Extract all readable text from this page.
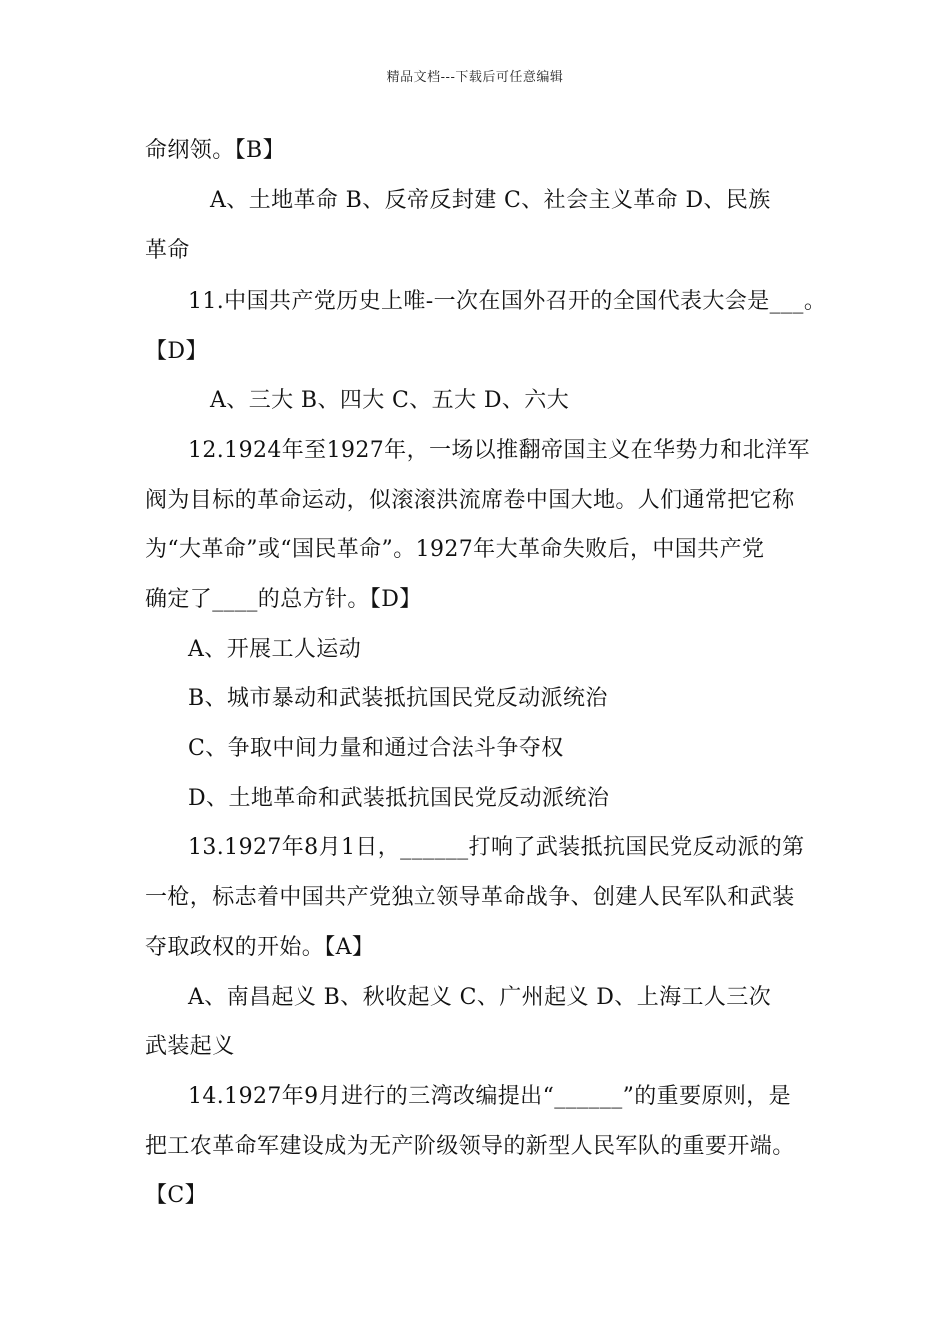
精品文档---下载后可任意编辑
命纲领。【B】
A、土地革命 B、反帝反封建 C、社会主义革命 D、民族
革命
11.中国共产党历史上唯-一次在国外召开的全国代表大会是___。
【D】
A、三大 B、四大 C、五大 D、六大
12.1924年至1927年，一场以推翻帝国主义在华势力和北洋军
阀为目标的革命运动，似滚滚洪流席卷中国大地。人们通常把它称
为“大革命”或“国民革命”。1927年大革命失败后，中国共产党
确定了____的总方针。【D】
A、开展工人运动
B、城市暴动和武装抵抗国民党反动派统治
C、争取中间力量和通过合法斗争夺权
D、土地革命和武装抵抗国民党反动派统治
13.1927年8月1日，______打响了武装抵抗国民党反动派的第
一枪，标志着中国共产党独立领导革命战争、创建人民军队和武装
夺取政权的开始。【A】
A、南昌起义 B、秋收起义 C、广州起义 D、上海工人三次
武装起义
14.1927年9月进行的三湾改编提出“______”的重要原则，是
把工农革命军建设成为无产阶级领导的新型人民军队的重要开端。
【C】
